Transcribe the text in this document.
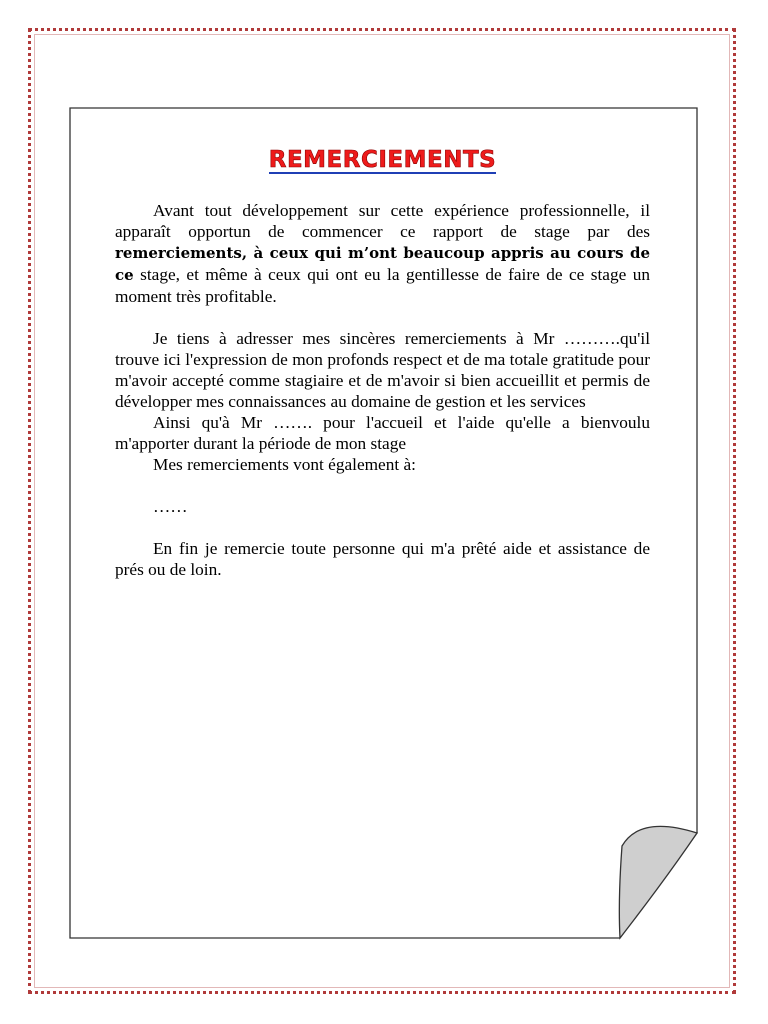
REMERCIEMENTS

Avant tout développement sur cette expérience professionnelle, il apparaît opportun de commencer ce rapport de stage par des remerciements, à ceux qui m’ont beaucoup appris au cours de ce stage, et même à ceux qui ont eu la gentillesse de faire de ce stage un moment très profitable.

Je tiens à adresser mes sincères remerciements à Mr ……….qu'il trouve ici l'expression de mon profonds respect et de ma totale gratitude pour m'avoir accepté comme stagiaire et de m'avoir si bien accueillit et permis de développer mes connaissances au domaine de gestion et les services

Ainsi qu'à Mr ……. pour l'accueil et l'aide qu'elle a bienvoulu m'apporter durant la période de mon stage

Mes remerciements vont également à:

……

En fin je remercie toute personne qui m'a prêté aide et assistance de prés ou de loin.
